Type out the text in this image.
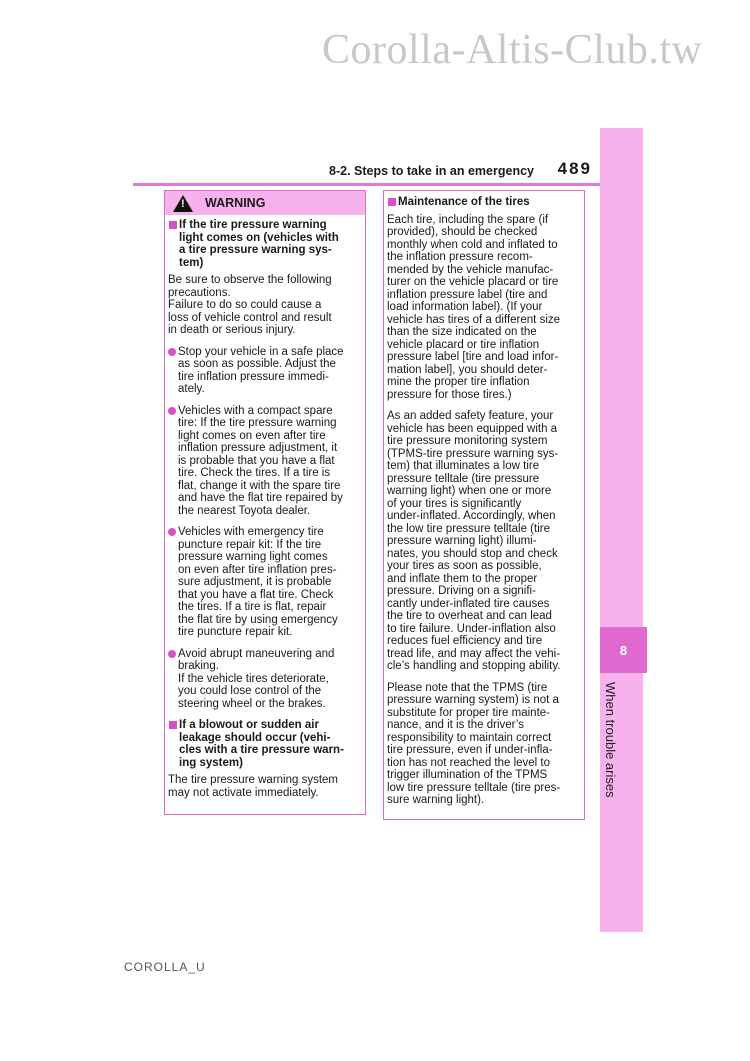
Corolla-Altis-Club.tw
8-2. Steps to take in an emergency 489
8
When trouble arises
!
WARNING
If the tire pressure warning
light comes on (vehicles with
a tire pressure warning sys-
tem)
Be sure to observe the following
precautions.
Failure to do so could cause a
loss of vehicle control and result
in death or serious injury.
Stop your vehicle in a safe place
as soon as possible. Adjust the
tire inflation pressure immedi-
ately.
Vehicles with a compact spare
tire: If the tire pressure warning
light comes on even after tire
inflation pressure adjustment, it
is probable that you have a flat
tire. Check the tires. If a tire is
flat, change it with the spare tire
and have the flat tire repaired by
the nearest Toyota dealer.
Vehicles with emergency tire
puncture repair kit: If the tire
pressure warning light comes
on even after tire inflation pres-
sure adjustment, it is probable
that you have a flat tire. Check
the tires. If a tire is flat, repair
the flat tire by using emergency
tire puncture repair kit.
Avoid abrupt maneuvering and
braking.
If the vehicle tires deteriorate,
you could lose control of the
steering wheel or the brakes.
If a blowout or sudden air
leakage should occur (vehi-
cles with a tire pressure warn-
ing system)
The tire pressure warning system
may not activate immediately.
Maintenance of the tires
Each tire, including the spare (if
provided), should be checked
monthly when cold and inflated to
the inflation pressure recom-
mended by the vehicle manufac-
turer on the vehicle placard or tire
inflation pressure label (tire and
load information label). (If your
vehicle has tires of a different size
than the size indicated on the
vehicle placard or tire inflation
pressure label [tire and load infor-
mation label], you should deter-
mine the proper tire inflation
pressure for those tires.)
As an added safety feature, your
vehicle has been equipped with a
tire pressure monitoring system
(TPMS-tire pressure warning sys-
tem) that illuminates a low tire
pressure telltale (tire pressure
warning light) when one or more
of your tires is significantly
under-inflated. Accordingly, when
the low tire pressure telltale (tire
pressure warning light) illumi-
nates, you should stop and check
your tires as soon as possible,
and inflate them to the proper
pressure. Driving on a signifi-
cantly under-inflated tire causes
the tire to overheat and can lead
to tire failure. Under-inflation also
reduces fuel efficiency and tire
tread life, and may affect the vehi-
cle’s handling and stopping ability.
Please note that the TPMS (tire
pressure warning system) is not a
substitute for proper tire mainte-
nance, and it is the driver’s
responsibility to maintain correct
tire pressure, even if under-infla-
tion has not reached the level to
trigger illumination of the TPMS
low tire pressure telltale (tire pres-
sure warning light).
COROLLA_U
